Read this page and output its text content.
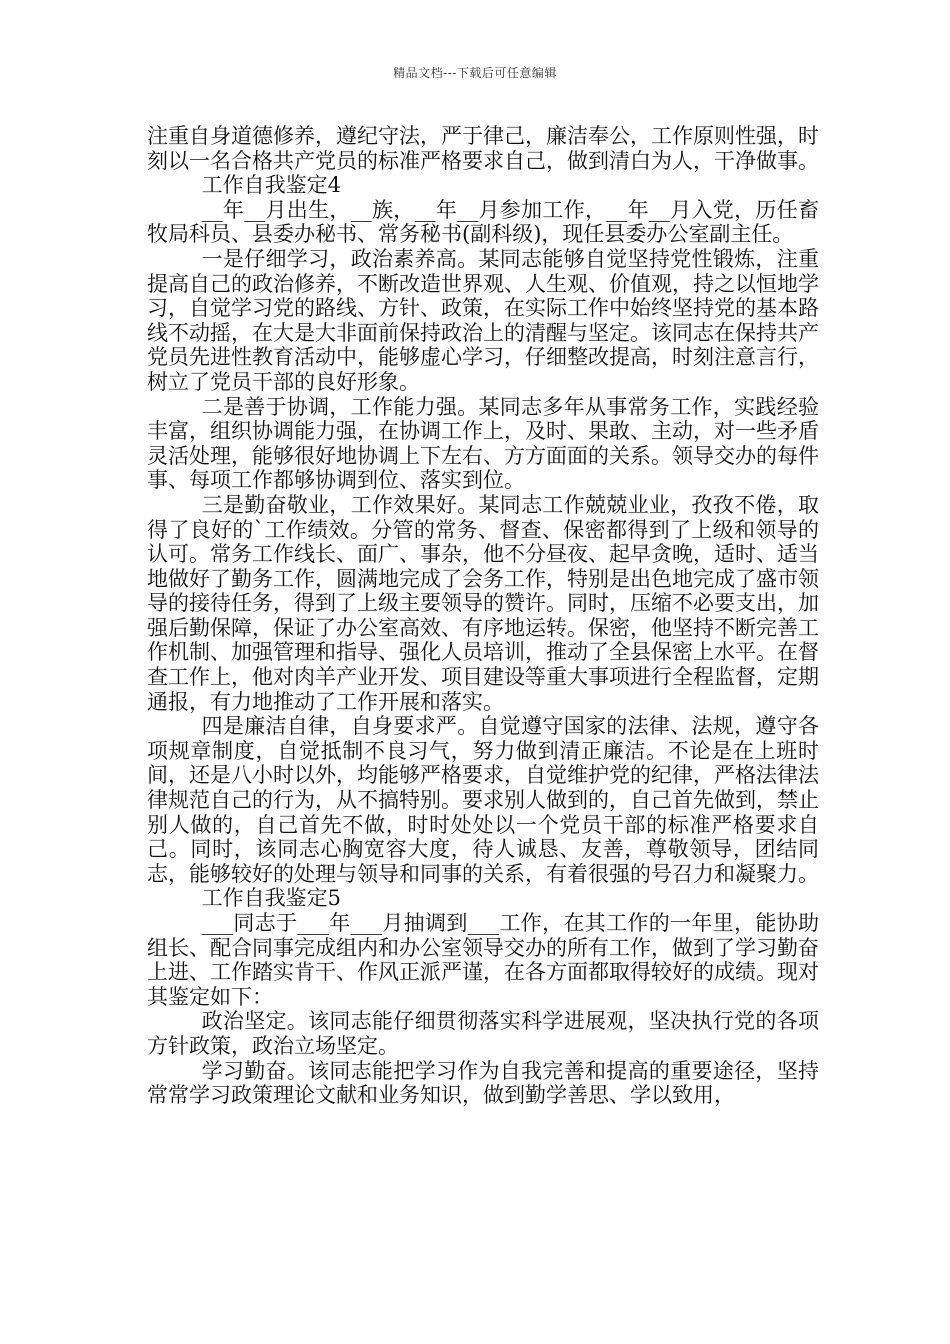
精品文档---下载后可任意编辑

注重自身道德修养，遵纪守法，严于律己，廉洁奉公，工作原则性强，时刻以一名合格共产党员的标准严格要求自己，做到清白为人，干净做事。

工作自我鉴定4

__年__月出生，__族，__年__月参加工作，__年__月入党，历任畜牧局科员、县委办秘书、常务秘书(副科级)，现任县委办公室副主任。

一是仔细学习，政治素养高。某同志能够自觉坚持党性锻炼，注重提高自己的政治修养，不断改造世界观、人生观、价值观，持之以恒地学习，自觉学习党的路线、方针、政策，在实际工作中始终坚持党的基本路线不动摇，在大是大非面前保持政治上的清醒与坚定。该同志在保持共产党员先进性教育活动中，能够虚心学习，仔细整改提高，时刻注意言行，树立了党员干部的良好形象。

二是善于协调，工作能力强。某同志多年从事常务工作，实践经验丰富，组织协调能力强，在协调工作上，及时、果敢、主动，对一些矛盾灵活处理，能够很好地协调上下左右、方方面面的关系。领导交办的每件事、每项工作都够协调到位、落实到位。

三是勤奋敬业，工作效果好。某同志工作兢兢业业，孜孜不倦，取得了良好的`工作绩效。分管的常务、督查、保密都得到了上级和领导的认可。常务工作线长、面广、事杂，他不分昼夜、起早贪晚，适时、适当地做好了勤务工作，圆满地完成了会务工作，特别是出色地完成了盛市领导的接待任务，得到了上级主要领导的赞许。同时，压缩不必要支出，加强后勤保障，保证了办公室高效、有序地运转。保密，他坚持不断完善工作机制、加强管理和指导、强化人员培训，推动了全县保密上水平。在督查工作上，他对肉羊产业开发、项目建设等重大事项进行全程监督，定期通报，有力地推动了工作开展和落实。

四是廉洁自律，自身要求严。自觉遵守国家的法律、法规，遵守各项规章制度，自觉抵制不良习气，努力做到清正廉洁。不论是在上班时间，还是八小时以外，均能够严格要求，自觉维护党的纪律，严格法律法律规范自己的行为，从不搞特别。要求别人做到的，自己首先做到，禁止别人做的，自己首先不做，时时处处以一个党员干部的标准严格要求自己。同时，该同志心胸宽容大度，待人诚恳、友善，尊敬领导，团结同志，能够较好的处理与领导和同事的关系，有着很强的号召力和凝聚力。

工作自我鉴定5

___同志于___年___月抽调到___工作，在其工作的一年里，能协助组长、配合同事完成组内和办公室领导交办的所有工作，做到了学习勤奋上进、工作踏实肯干、作风正派严谨，在各方面都取得较好的成绩。现对其鉴定如下：

政治坚定。该同志能仔细贯彻落实科学进展观，坚决执行党的各项方针政策，政治立场坚定。

学习勤奋。该同志能把学习作为自我完善和提高的重要途径，坚持常常学习政策理论文献和业务知识，做到勤学善思、学以致用，
